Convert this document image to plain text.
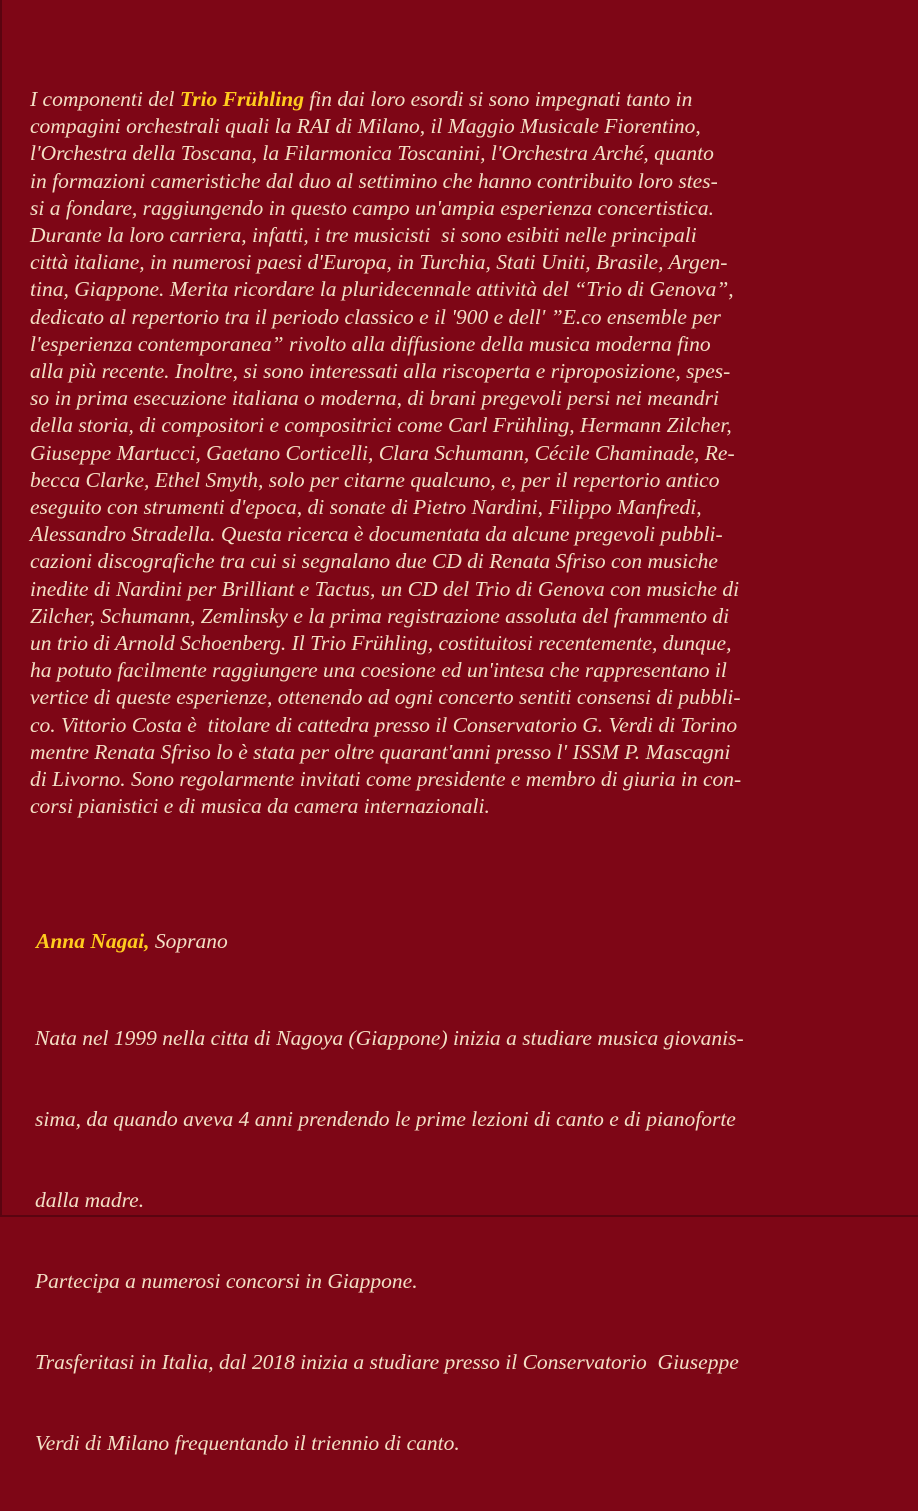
I componenti del Trio Frühling fin dai loro esordi si sono impegnati tanto in
compagini orchestrali quali la RAI di Milano, il Maggio Musicale Fiorentino,
l'Orchestra della Toscana, la Filarmonica Toscanini, l'Orchestra Arché, quanto
in formazioni cameristiche dal duo al settimino che hanno contribuito loro stes-
si a fondare, raggiungendo in questo campo un'ampia esperienza concertistica.
Durante la loro carriera, infatti, i tre musicisti  si sono esibiti nelle principali
città italiane, in numerosi paesi d'Europa, in Turchia, Stati Uniti, Brasile, Argen-
tina, Giappone. Merita ricordare la pluridecennale attività del “Trio di Genova”,
dedicato al repertorio tra il periodo classico e il '900 e dell' ”E.co ensemble per
l'esperienza contemporanea” rivolto alla diffusione della musica moderna fino
alla più recente. Inoltre, si sono interessati alla riscoperta e riproposizione, spes-
so in prima esecuzione italiana o moderna, di brani pregevoli persi nei meandri
della storia, di compositori e compositrici come Carl Frühling, Hermann Zilcher,
Giuseppe Martucci, Gaetano Corticelli, Clara Schumann, Cécile Chaminade, Re-
becca Clarke, Ethel Smyth, solo per citarne qualcuno, e, per il repertorio antico
eseguito con strumenti d'epoca, di sonate di Pietro Nardini, Filippo Manfredi,
Alessandro Stradella. Questa ricerca è documentata da alcune pregevoli pubbli-
cazioni discografiche tra cui si segnalano due CD di Renata Sfriso con musiche
inedite di Nardini per Brilliant e Tactus, un CD del Trio di Genova con musiche di
Zilcher, Schumann, Zemlinsky e la prima registrazione assoluta del frammento di
un trio di Arnold Schoenberg. Il Trio Frühling, costituitosi recentemente, dunque,
ha potuto facilmente raggiungere una coesione ed un'intesa che rappresentano il
vertice di queste esperienze, ottenendo ad ogni concerto sentiti consensi di pubbli-
co. Vittorio Costa è  titolare di cattedra presso il Conservatorio G. Verdi di Torino
mentre Renata Sfriso lo è stata per oltre quarant'anni presso l' ISSM P. Mascagni
di Livorno. Sono regolarmente invitati come presidente e membro di giuria in con-
corsi pianistici e di musica da camera internazionali.
Anna Nagai, Soprano

Nata nel 1999 nella citta di Nagoya (Giappone) inizia a studiare musica giovanis-

sima, da quando aveva 4 anni prendendo le prime lezioni di canto e di pianoforte

dalla madre.

Partecipa a numerosi concorsi in Giappone.

Trasferitasi in Italia, dal 2018 inizia a studiare presso il Conservatorio  Giuseppe

Verdi di Milano frequentando il triennio di canto.
